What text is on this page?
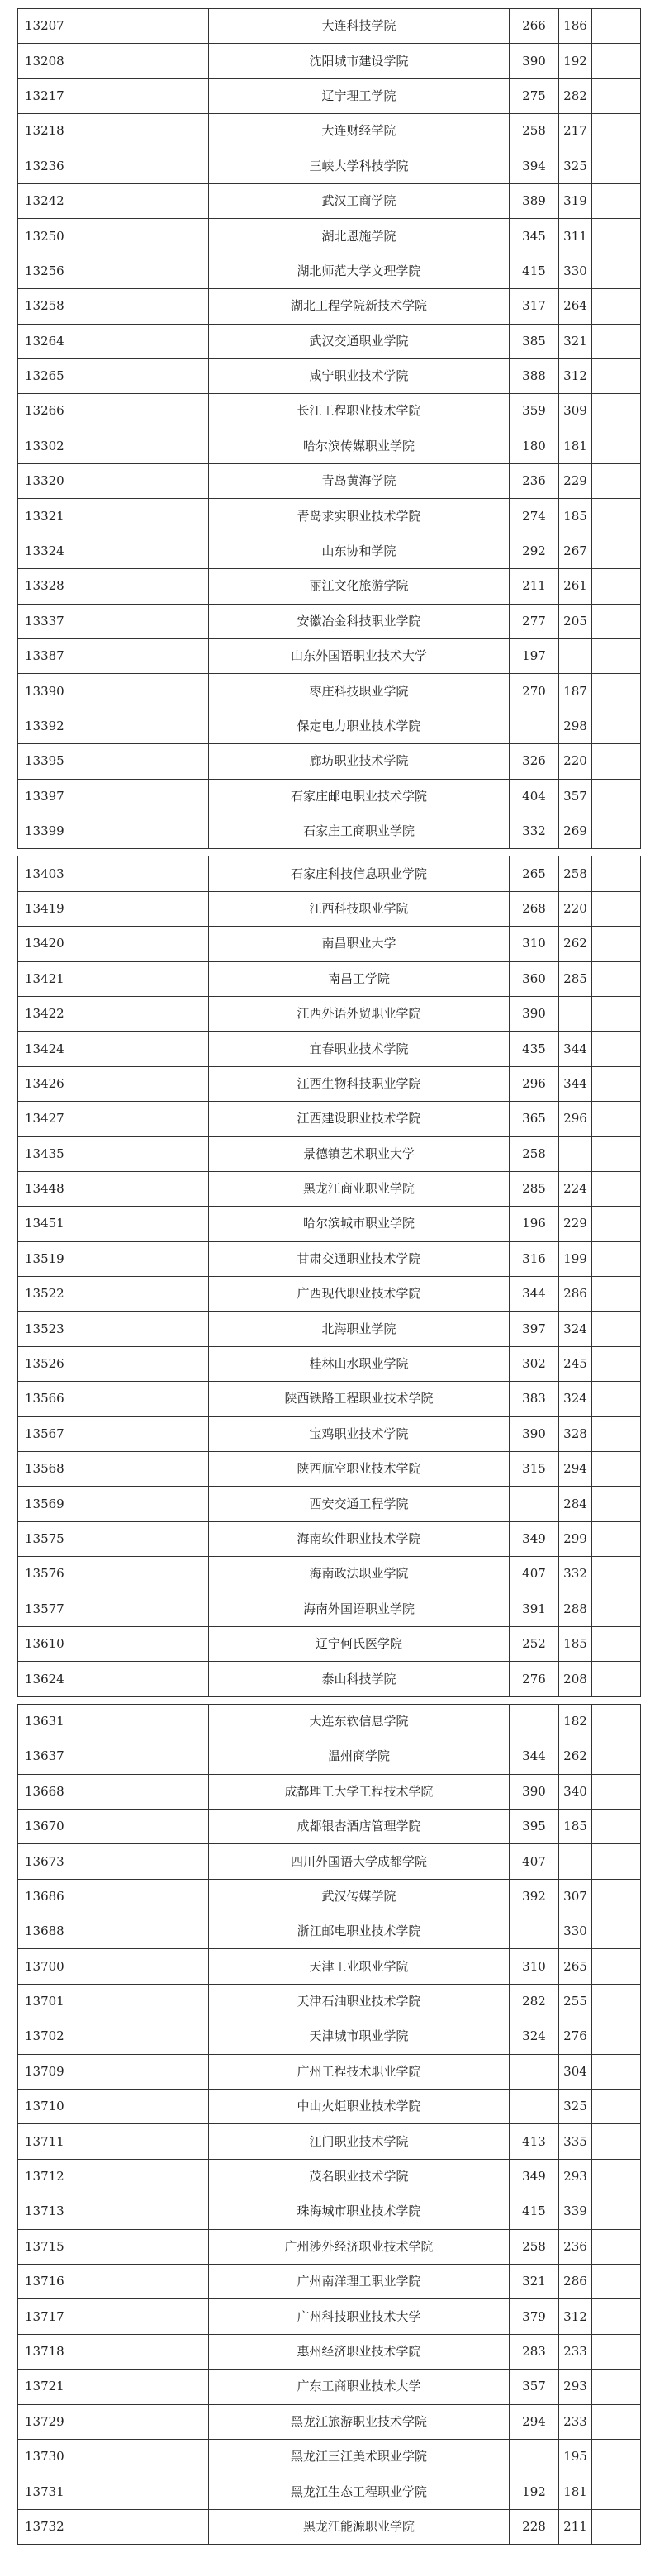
13207	大连科技学院	266	186	
13208	沈阳城市建设学院	390	192	
13217	辽宁理工学院	275	282	
13218	大连财经学院	258	217	
13236	三峡大学科技学院	394	325	
13242	武汉工商学院	389	319	
13250	湖北恩施学院	345	311	
13256	湖北师范大学文理学院	415	330	
13258	湖北工程学院新技术学院	317	264	
13264	武汉交通职业学院	385	321	
13265	咸宁职业技术学院	388	312	
13266	长江工程职业技术学院	359	309	
13302	哈尔滨传媒职业学院	180	181	
13320	青岛黄海学院	236	229	
13321	青岛求实职业技术学院	274	185	
13324	山东协和学院	292	267	
13328	丽江文化旅游学院	211	261	
13337	安徽冶金科技职业学院	277	205	
13387	山东外国语职业技术大学	197		
13390	枣庄科技职业学院	270	187	
13392	保定电力职业技术学院		298	
13395	廊坊职业技术学院	326	220	
13397	石家庄邮电职业技术学院	404	357	
13399	石家庄工商职业学院	332	269	
13403	石家庄科技信息职业学院	265	258	
13419	江西科技职业学院	268	220	
13420	南昌职业大学	310	262	
13421	南昌工学院	360	285	
13422	江西外语外贸职业学院	390		
13424	宜春职业技术学院	435	344	
13426	江西生物科技职业学院	296	344	
13427	江西建设职业技术学院	365	296	
13435	景德镇艺术职业大学	258		
13448	黑龙江商业职业学院	285	224	
13451	哈尔滨城市职业学院	196	229	
13519	甘肃交通职业技术学院	316	199	
13522	广西现代职业技术学院	344	286	
13523	北海职业学院	397	324	
13526	桂林山水职业学院	302	245	
13566	陕西铁路工程职业技术学院	383	324	
13567	宝鸡职业技术学院	390	328	
13568	陕西航空职业技术学院	315	294	
13569	西安交通工程学院		284	
13575	海南软件职业技术学院	349	299	
13576	海南政法职业学院	407	332	
13577	海南外国语职业学院	391	288	
13610	辽宁何氏医学院	252	185	
13624	泰山科技学院	276	208	
13631	大连东软信息学院		182	
13637	温州商学院	344	262	
13668	成都理工大学工程技术学院	390	340	
13670	成都银杏酒店管理学院	395	185	
13673	四川外国语大学成都学院	407		
13686	武汉传媒学院	392	307	
13688	浙江邮电职业技术学院		330	
13700	天津工业职业学院	310	265	
13701	天津石油职业技术学院	282	255	
13702	天津城市职业学院	324	276	
13709	广州工程技术职业学院		304	
13710	中山火炬职业技术学院		325	
13711	江门职业技术学院	413	335	
13712	茂名职业技术学院	349	293	
13713	珠海城市职业技术学院	415	339	
13715	广州涉外经济职业技术学院	258	236	
13716	广州南洋理工职业学院	321	286	
13717	广州科技职业技术大学	379	312	
13718	惠州经济职业技术学院	283	233	
13721	广东工商职业技术大学	357	293	
13729	黑龙江旅游职业技术学院	294	233	
13730	黑龙江三江美术职业学院		195	
13731	黑龙江生态工程职业学院	192	181	
13732	黑龙江能源职业学院	228	211	
